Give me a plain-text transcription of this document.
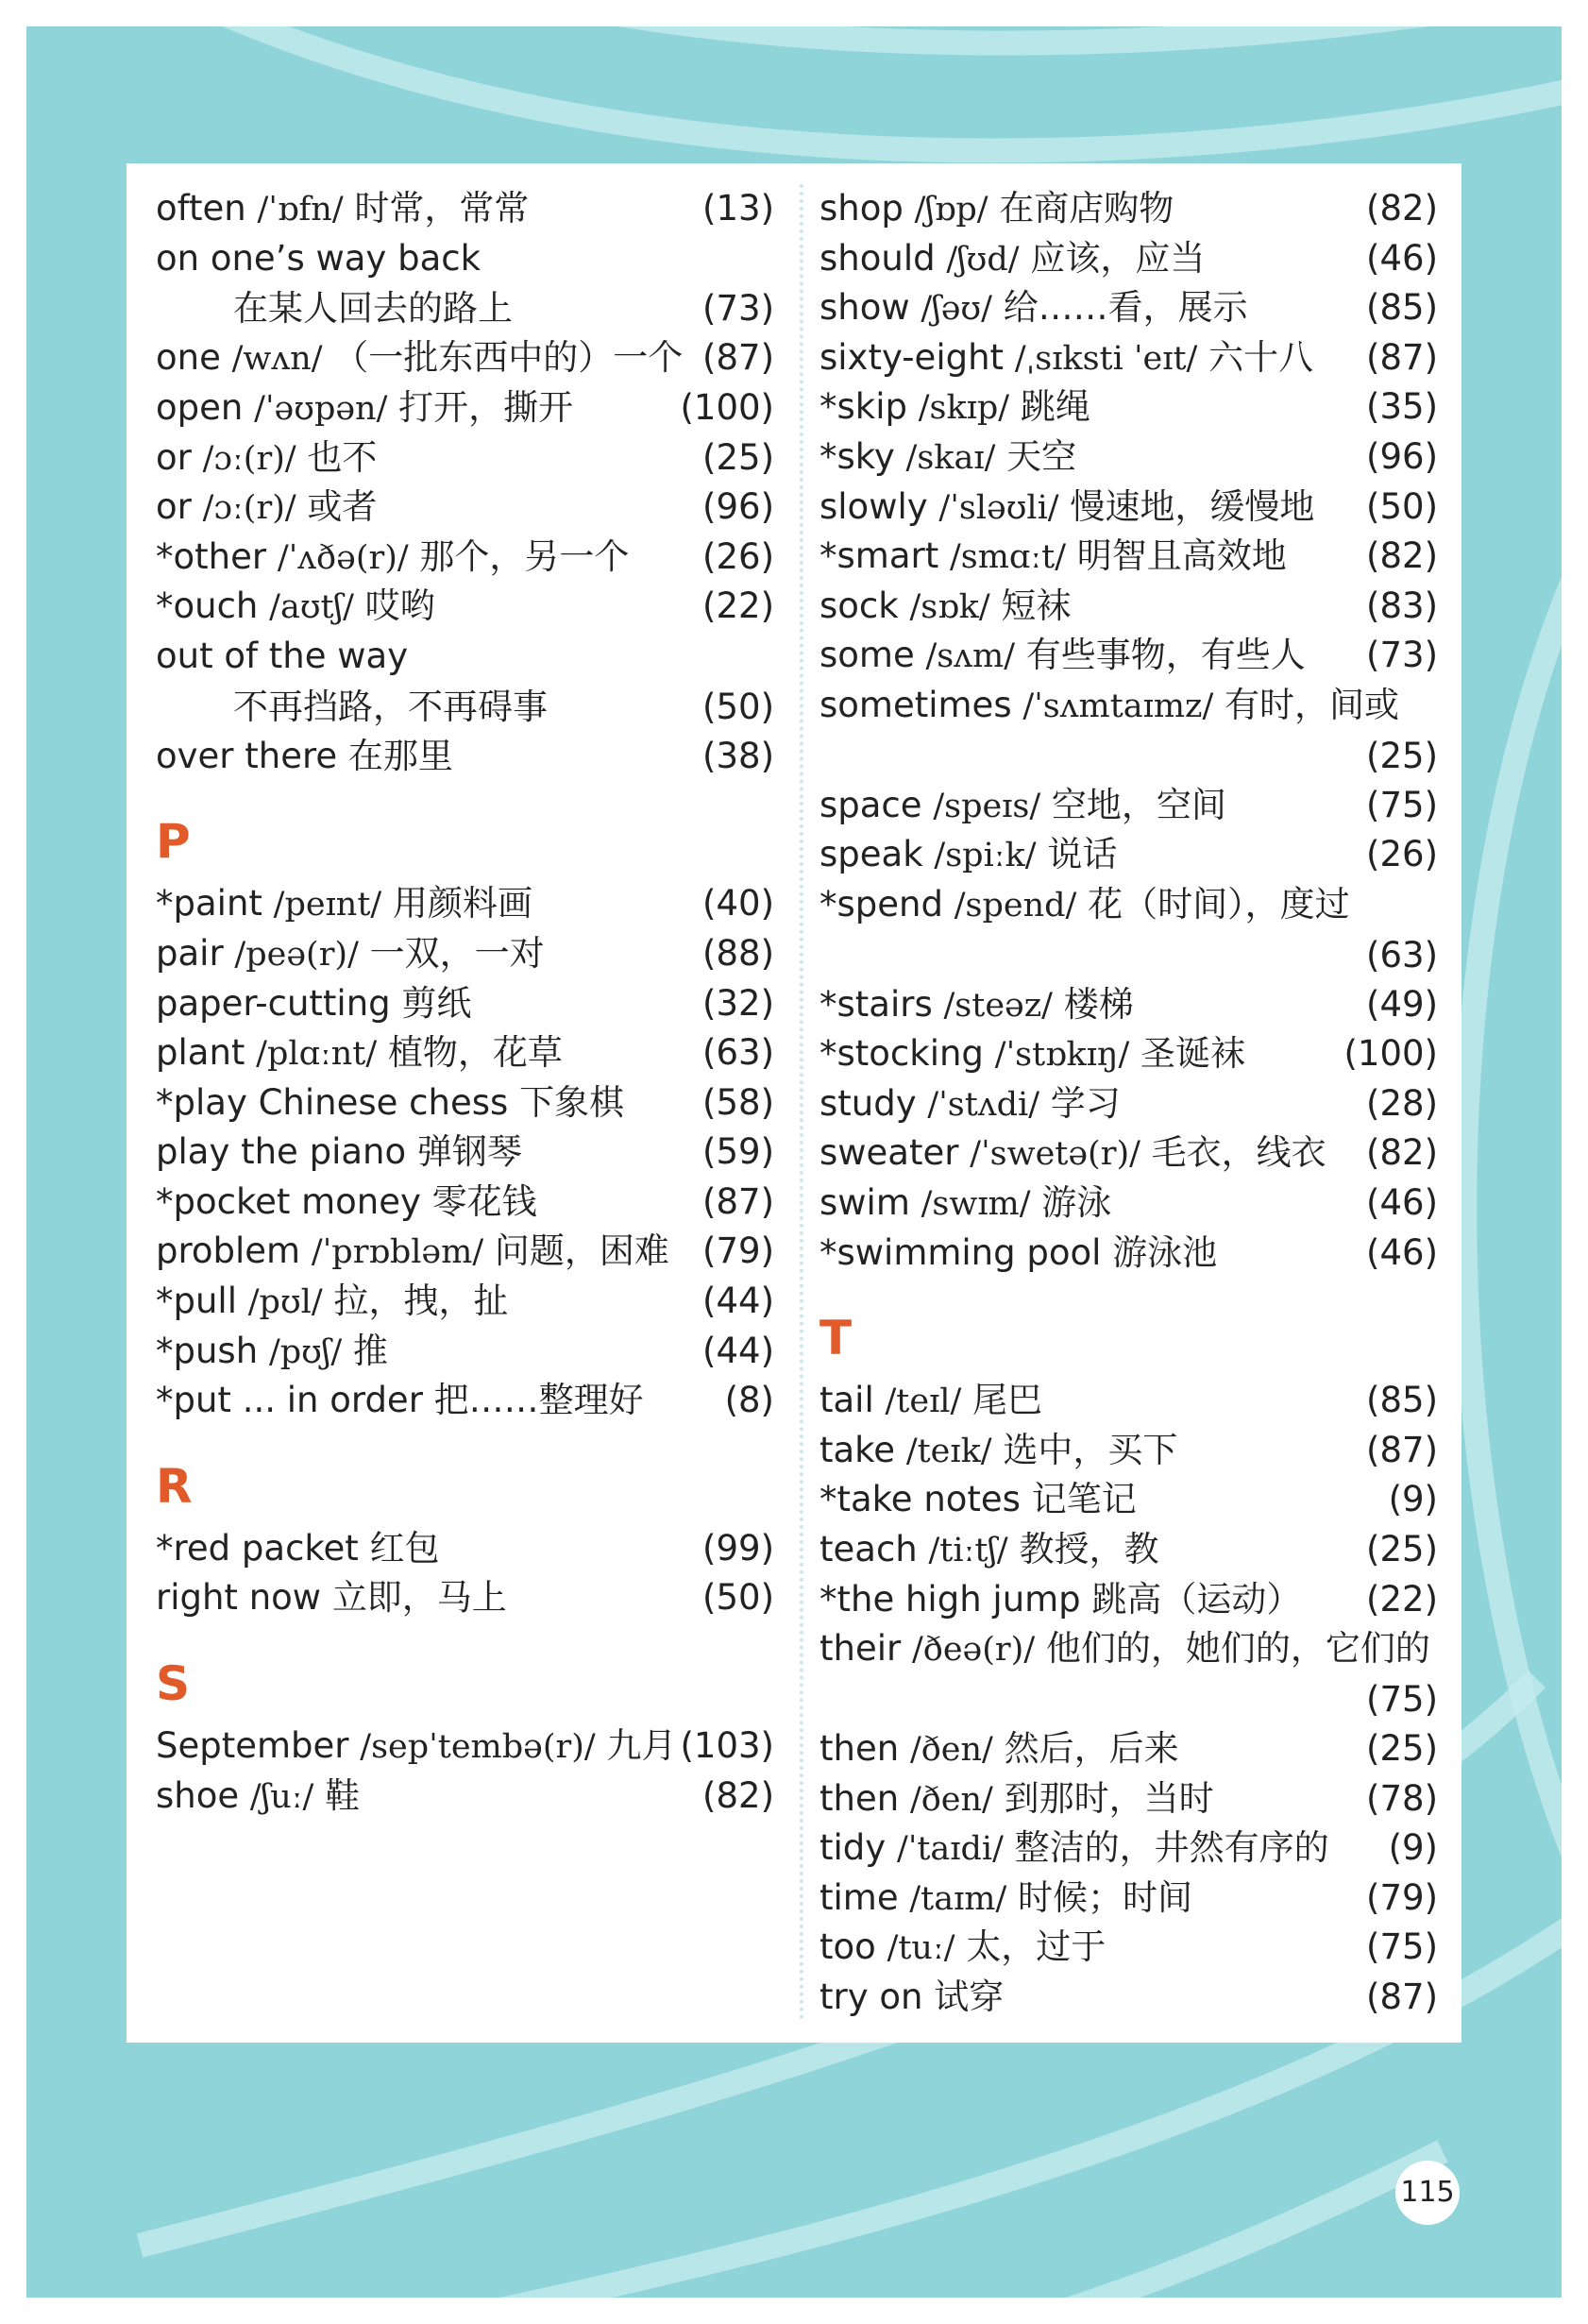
often /ˈɒfn/ 时常，常常	(13)
on one’s way back
在某人回去的路上	(73)
one /wʌn/ （一批东西中的）一个 (87)
open /ˈəʊpən/ 打开，撕开	(100)
or /ɔː(r)/ 也不	(25)
or /ɔː(r)/ 或者	(96)
*other /ˈʌðə(r)/ 那个，另一个 (26)
*ouch /aʊtʃ/ 哎哟	(22)
out of the way
不再挡路，不再碍事	(50)
over there 在那里	(38)
P
*paint /peɪnt/ 用颜料画	(40)
pair /peə(r)/ 一双，一对	(88)
paper-cutting 剪纸	(32)
plant /plɑːnt/ 植物，花草	(63)
*play Chinese chess 下象棋 (58)
play the piano 弹钢琴	(59)
*pocket money 零花钱	(87)
problem /ˈprɒbləm/ 问题，困难 (79)
*pull /pʊl/ 拉，拽，扯	(44)
*push /pʊʃ/ 推	(44)
*put ... in order 把……整理好 (8)
R
*red packet 红包	(99)
right now 立即，马上	(50)
S
September /sepˈtembə(r)/ 九月 (103)
shoe /ʃuː/ 鞋	(82)
shop /ʃɒp/ 在商店购物	(82)
should /ʃʊd/ 应该，应当	(46)
show /ʃəʊ/ 给……看，展示	(85)
sixty-eight /ˌsɪksti ˈeɪt/ 六十八 (87)
*skip /skɪp/ 跳绳	(35)
*sky /skaɪ/ 天空	(96)
slowly /ˈsləʊli/ 慢速地，缓慢地 (50)
*smart /smɑːt/ 明智且高效地 (82)
sock /sɒk/ 短袜	(83)
some /sʌm/ 有些事物，有些人 (73)
sometimes /ˈsʌmtaɪmz/ 有时，间或
(25)
space /speɪs/ 空地，空间	(75)
speak /spiːk/ 说话	(26)
*spend /spend/ 花（时间），度过
(63)
*stairs /steəz/ 楼梯	(49)
*stocking /ˈstɒkɪŋ/ 圣诞袜	(100)
study /ˈstʌdi/ 学习	(28)
sweater /ˈswetə(r)/ 毛衣，线衣 (82)
swim /swɪm/ 游泳	(46)
*swimming pool 游泳池	(46)
T
tail /teɪl/ 尾巴	(85)
take /teɪk/ 选中，买下	(87)
*take notes 记笔记	(9)
teach /tiːtʃ/ 教授，教	(25)
*the high jump 跳高（运动） (22)
their /ðeə(r)/ 他们的，她们的，它们的
(75)
then /ðen/ 然后，后来	(25)
then /ðen/ 到那时，当时	(78)
tidy /ˈtaɪdi/ 整洁的，井然有序的 (9)
time /taɪm/ 时候；时间	(79)
too /tuː/ 太，过于	(75)
try on 试穿	(87)
115
